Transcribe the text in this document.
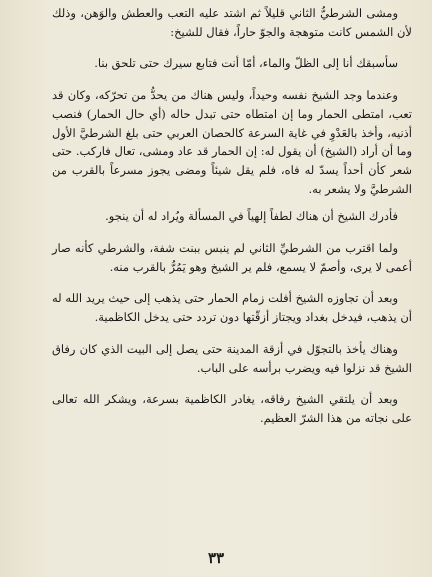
ومشى الشرطيُّ الثاني قليلاً ثم اشتد عليه التعب والعطش والوَهن، وذلك لأن الشمس كانت متوهجة والجوّ حاراً، فقال للشيخ:

سأسبقك أنا إلى الظلّ والماء، أمّا أنت فتابع سيرك حتى تلحق بنا.

وعندما وجد الشيخ نفسه وحيداً، وليس هناك من يحدُّ من تحرّكه، وكان قد تعب، امتطى الحمار وما إن امتطاه حتى تبدل حاله (أي حال الحمار) فنصب أذنيه، وأخذ بالعَدْوِ في غاية السرعة كالحصان العربي حتى بلغ الشرطيَّ الأول وما أن أراد (الشيخ) أن يقول له: إن الحمار قد عاد ومشى، تعال فاركب. حتى شعر كأن أحداً يسدّ له فاه، فلم يقل شيئاً ومضى يجوز مسرعاً بالقرب من الشرطيَّ ولا يشعر به.

فأدرك الشيخ أن هناك لطفاً إلهياً في المسألة ويُراد له أن ينجو.

ولما اقترب من الشرطيِّ الثاني لم ينبس ببنت شفة، والشرطي كأنه صار أعمى لا يرى، وأصمّ لا يسمع، فلم ير الشيخ وهو يَمُرُّ بالقرب منه.

وبعد أن تجاوزه الشيخ أفلت زمام الحمار حتى يذهب إلى حيث يريد الله له أن يذهب، فيدخل بغداد ويجتاز أزقّتها دون تردد حتى يدخل الكاظمية.

وهناك يأخذ بالتجوّل في أزقة المدينة حتى يصل إلى البيت الذي كان رفاق الشيخ قد نزلوا فيه ويضرب برأسه على الباب.

وبعد أن يلتقي الشيخ رفاقه، يغادر الكاظمية بسرعة، ويشكر الله تعالى على نجاته من هذا الشرّ العظيم.

٣٣
